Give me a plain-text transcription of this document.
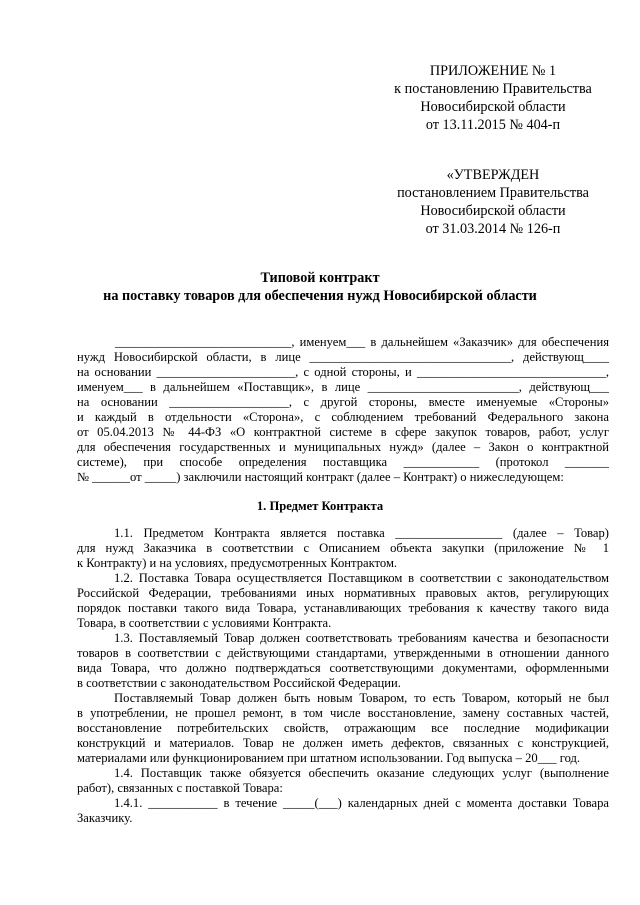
ПРИЛОЖЕНИЕ № 1
к постановлению Правительства
Новосибирской области
от 13.11.2015 № 404-п
«УТВЕРЖДЕН
постановлением Правительства
Новосибирской области
от 31.03.2014 № 126-п
Типовой контракт
на поставку товаров для обеспечения нужд Новосибирской области
____________________________, именуем___ в дальнейшем «Заказчик» для обеспечения
нужд Новосибирской области, в лице ________________________________, действующ____
на основании ______________________, с одной стороны, и ______________________________,
именуем___ в дальнейшем «Поставщик», в лице ________________________, действующ___
на основании ___________________, с другой стороны, вместе именуемые «Стороны»
и каждый в отдельности «Сторона», с соблюдением требований Федерального закона
от 05.04.2013 № 44-ФЗ «О контрактной системе в сфере закупок товаров, работ, услуг
для обеспечения государственных и муниципальных нужд» (далее – Закон о контрактной
системе), при способе определения поставщика ____________ (протокол _______
№ ______от _____) заключили настоящий контракт (далее – Контракт) о нижеследующем:
1. Предмет Контракта
1.1. Предметом Контракта является поставка _________________ (далее – Товар)
для нужд Заказчика в соответствии с Описанием объекта закупки (приложение № 1
к Контракту) и на условиях, предусмотренных Контрактом.
1.2. Поставка Товара осуществляется Поставщиком в соответствии с законодательством
Российской Федерации, требованиями иных нормативных правовых актов, регулирующих
порядок поставки такого вида Товара, устанавливающих требования к качеству такого вида
Товара, в соответствии с условиями Контракта.
1.3. Поставляемый Товар должен соответствовать требованиям качества и безопасности
товаров в соответствии с действующими стандартами, утвержденными в отношении данного
вида Товара, что должно подтверждаться соответствующими документами, оформленными
в соответствии с законодательством Российской Федерации.
Поставляемый Товар должен быть новым Товаром, то есть Товаром, который не был
в употреблении, не прошел ремонт, в том числе восстановление, замену составных частей,
восстановление потребительских свойств, отражающим все последние модификации
конструкций и материалов. Товар не должен иметь дефектов, связанных с конструкцией,
материалами или функционированием при штатном использовании. Год выпуска – 20___ год.
1.4. Поставщик также обязуется обеспечить оказание следующих услуг (выполнение
работ), связанных с поставкой Товара:
1.4.1. ___________ в течение _____(___) календарных дней с момента доставки Товара
Заказчику.
